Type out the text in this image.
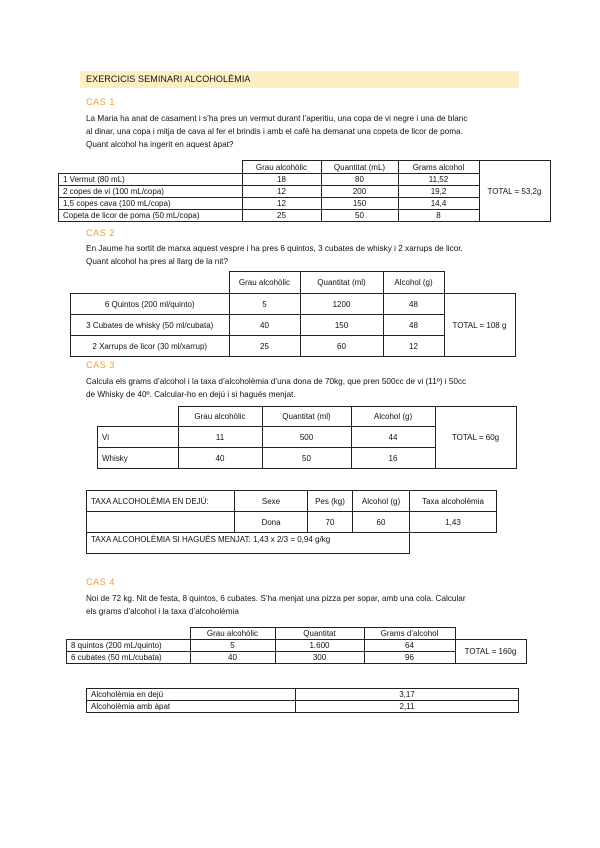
EXERCICIS SEMINARI ALCOHOLÈMIA
CAS 1
La Maria ha anat de casament i s’ha pres un vermut durant l’aperitiu, una copa de vi negre i una de blanc
al dinar, una copa i mitja de cava al fer el brindis i amb el cafè ha demanat una copeta de licor de poma.
Quant alcohol ha ingerit en aquest àpat?
	Grau alcohòlic	Quantitat (mL)	Grams alcohol	TOTAL = 53,2g
1 Vermut (80 mL)	18	80	11,52	
2 copes de vi (100 mL/copa)	12	200	19,2	
1,5 copes cava (100 mL/copa)	12	150	14,4	
Copeta de licor de poma (50 mL/copa)	25	50	8	
CAS 2
En Jaume ha sortit de marxa aquest vespre i ha pres 6 quintos, 3 cubates de whisky i 2 xarrups de licor.
Quant alcohol ha pres al llarg de la nit?
	Grau alcohòlic	Quantitat (ml)	Alcohol (g)	
6 Quintos (200 ml/quinto)	5	1200	48	TOTAL = 108 g
3 Cubates de whisky (50 ml/cubata)	40	150	48	
2 Xarrups de licor (30 ml/xarrup)	25	60	12	
CAS 3
Calcula els grams d’alcohol i la taxa d’alcoholèmia d’una dona de 70kg, que pren 500cc de vi (11º) i 50cc
de Whisky de 40º. Calcular-ho en dejú i si hagués menjat.
	Grau alcohòlic	Quantitat (ml)	Alcohol (g)	TOTAL = 60g
Vi	11	500	44	
Whisky	40	50	16	
TAXA ALCOHOLÈMIA EN DEJÚ:	Sexe	Pes (kg)	Alcohol (g)	Taxa alcoholèmia
	Dona	70	60	1,43
TAXA ALCOHOLÈMIA SI HAGUÉS MENJAT: 1,43 x 2/3 = 0,94 g/kg				
CAS 4
Noi de 72 kg. Nit de festa, 8 quintos, 6 cubates. S’ha menjat una pizza per sopar, amb una cola. Calcular
els grams d’alcohol i la taxa d’alcoholèmia
	Grau alcohòlic	Quantitat	Grams d’alcohol	
8 quintos (200 mL/quinto)	5	1.600	64	TOTAL = 160g
6 cubates (50 mL/cubata)	40	300	96	
Alcoholèmia en dejú	3,17
Alcoholèmia amb àpat	2,11
